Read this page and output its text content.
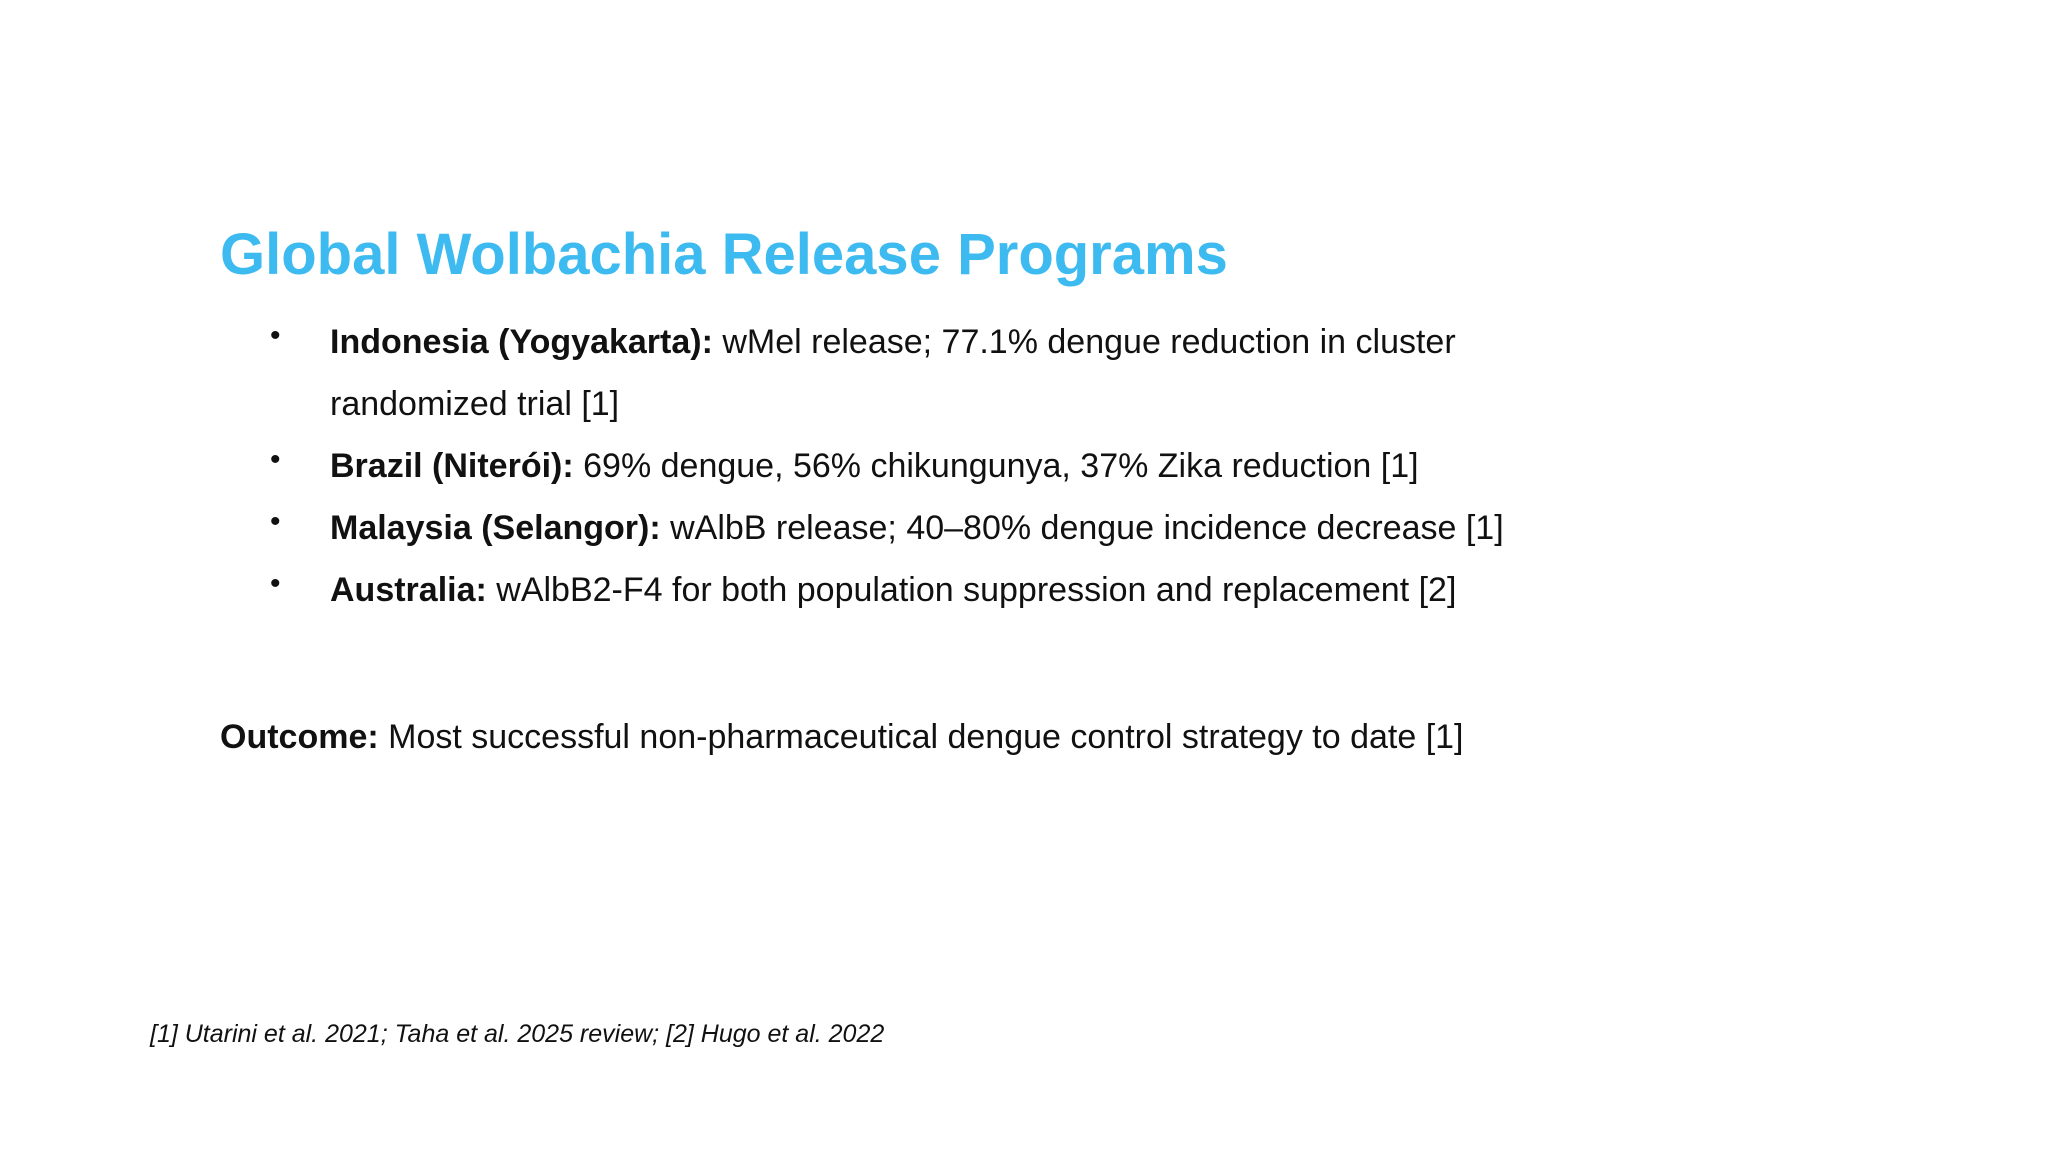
Global Wolbachia Release Programs
• Indonesia (Yogyakarta): wMel release; 77.1% dengue reduction in cluster randomized trial [1]
• Brazil (Niterói): 69% dengue, 56% chikungunya, 37% Zika reduction [1]
• Malaysia (Selangor): wAlbB release; 40–80% dengue incidence decrease [1]
• Australia: wAlbB2-F4 for both population suppression and replacement [2]

Outcome: Most successful non-pharmaceutical dengue control strategy to date [1]

[1] Utarini et al. 2021; Taha et al. 2025 review; [2] Hugo et al. 2022
